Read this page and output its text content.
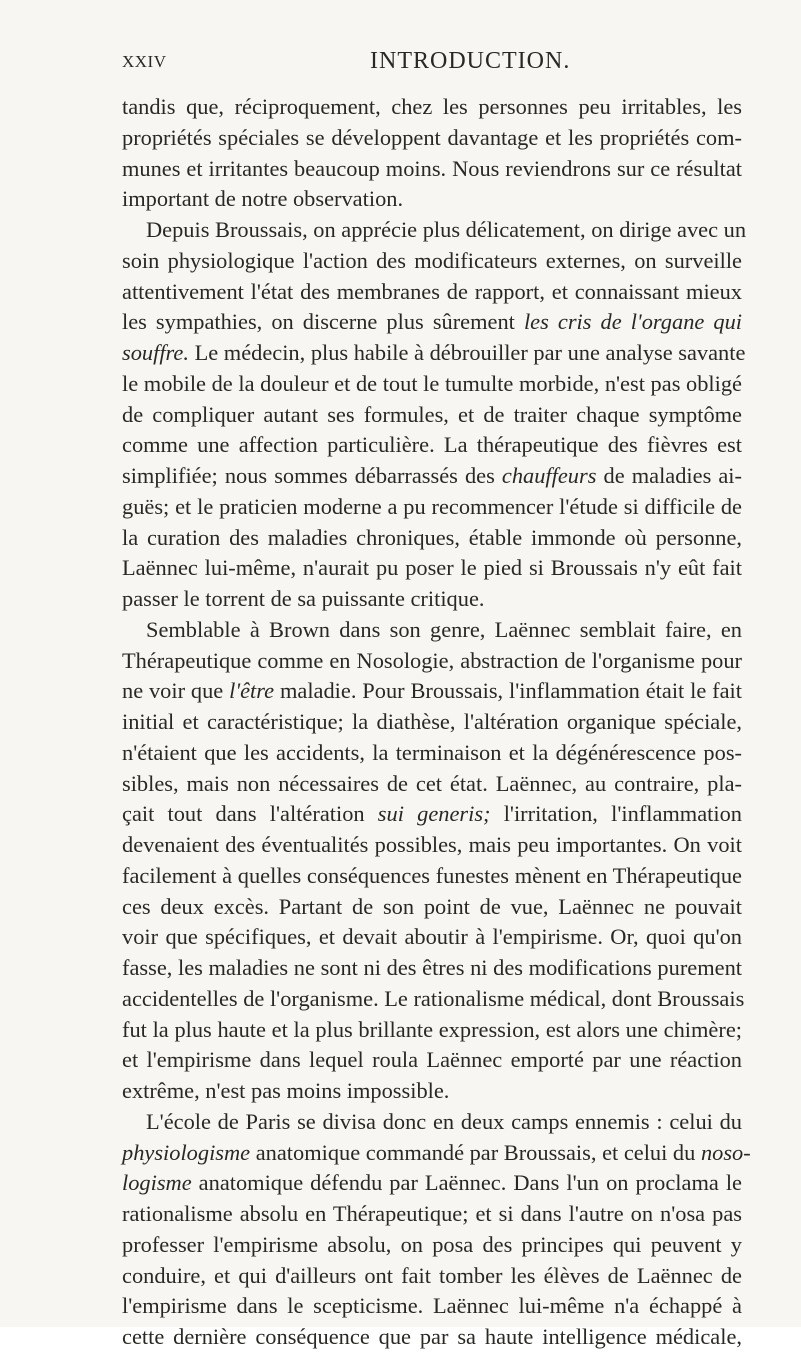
XXIV	INTRODUCTION.
tandis que, réciproquement, chez les personnes peu irritables, les
propriétés spéciales se développent davantage et les propriétés com-
munes et irritantes beaucoup moins. Nous reviendrons sur ce résultat
important de notre observation.
Depuis Broussais, on apprécie plus délicatement, on dirige avec un
soin physiologique l'action des modificateurs externes, on surveille
attentivement l'état des membranes de rapport, et connaissant mieux
les sympathies, on discerne plus sûrement les cris de l'organe qui
souffre. Le médecin, plus habile à débrouiller par une analyse savante
le mobile de la douleur et de tout le tumulte morbide, n'est pas obligé
de compliquer autant ses formules, et de traiter chaque symptôme
comme une affection particulière. La thérapeutique des fièvres est
simplifiée; nous sommes débarrassés des chauffeurs de maladies ai-
guës; et le praticien moderne a pu recommencer l'étude si difficile de
la curation des maladies chroniques, étable immonde où personne,
Laënnec lui-même, n'aurait pu poser le pied si Broussais n'y eût fait
passer le torrent de sa puissante critique.
Semblable à Brown dans son genre, Laënnec semblait faire, en
Thérapeutique comme en Nosologie, abstraction de l'organisme pour
ne voir que l'être maladie. Pour Broussais, l'inflammation était le fait
initial et caractéristique; la diathèse, l'altération organique spéciale,
n'étaient que les accidents, la terminaison et la dégénérescence pos-
sibles, mais non nécessaires de cet état. Laënnec, au contraire, pla-
çait tout dans l'altération sui generis; l'irritation, l'inflammation
devenaient des éventualités possibles, mais peu importantes. On voit
facilement à quelles conséquences funestes mènent en Thérapeutique
ces deux excès. Partant de son point de vue, Laënnec ne pouvait
voir que spécifiques, et devait aboutir à l'empirisme. Or, quoi qu'on
fasse, les maladies ne sont ni des êtres ni des modifications purement
accidentelles de l'organisme. Le rationalisme médical, dont Broussais
fut la plus haute et la plus brillante expression, est alors une chimère;
et l'empirisme dans lequel roula Laënnec emporté par une réaction
extrême, n'est pas moins impossible.
L'école de Paris se divisa donc en deux camps ennemis : celui du
physiologisme anatomique commandé par Broussais, et celui du noso-
logisme anatomique défendu par Laënnec. Dans l'un on proclama le
rationalisme absolu en Thérapeutique; et si dans l'autre on n'osa pas
professer l'empirisme absolu, on posa des principes qui peuvent y
conduire, et qui d'ailleurs ont fait tomber les élèves de Laënnec de
l'empirisme dans le scepticisme. Laënnec lui-même n'a échappé à
cette dernière conséquence que par sa haute intelligence médicale,
